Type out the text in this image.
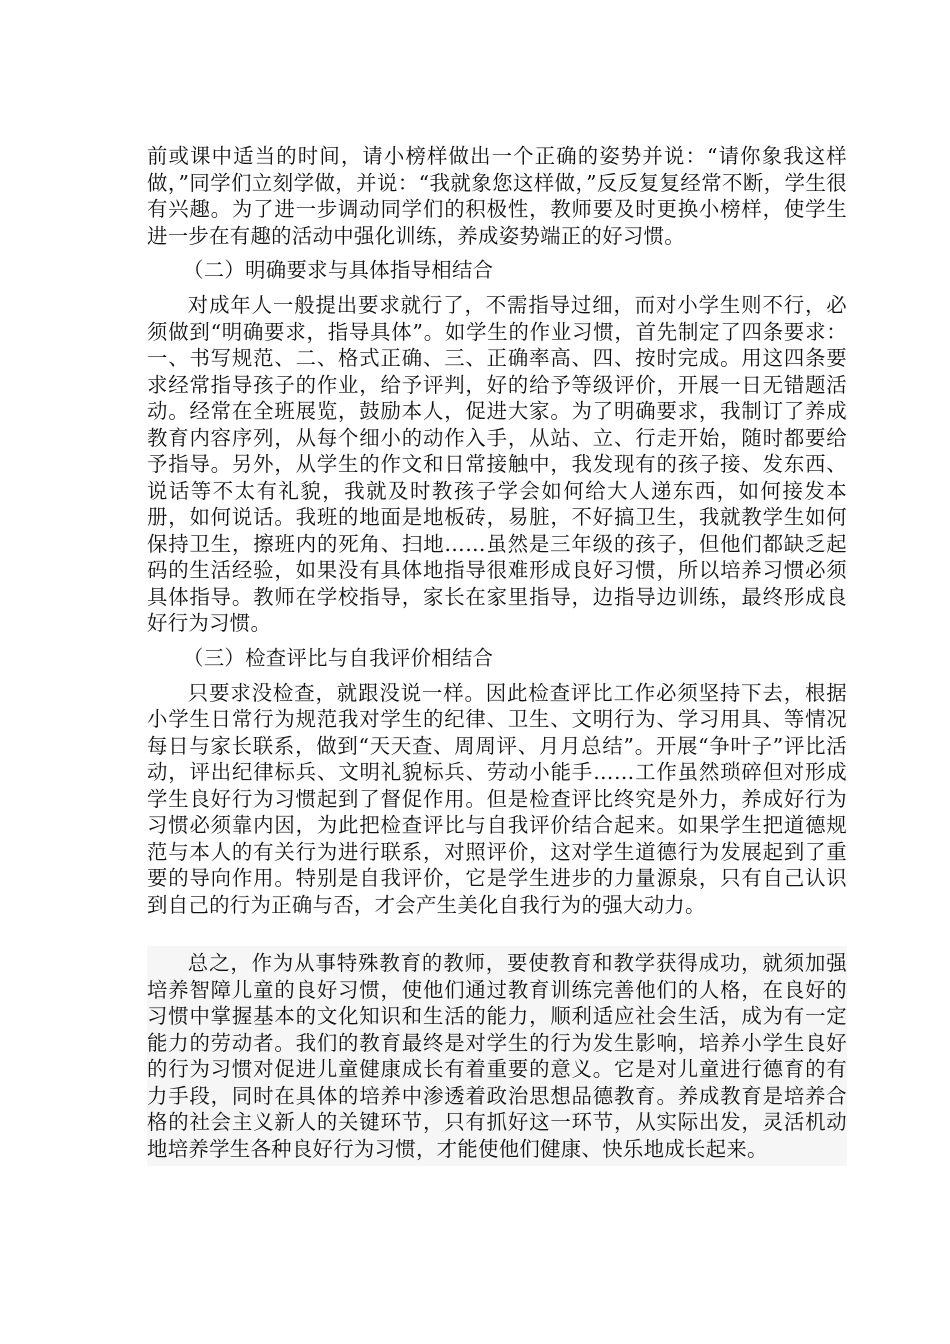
前或课中适当的时间，请小榜样做出一个正确的姿势并说：“请你象我这样做，”同学们立刻学做，并说：“我就象您这样做，”反反复复经常不断，学生很有兴趣。为了进一步调动同学们的积极性，教师要及时更换小榜样，使学生进一步在有趣的活动中强化训练，养成姿势端正的好习惯。

（二）明确要求与具体指导相结合

对成年人一般提出要求就行了，不需指导过细，而对小学生则不行，必须做到“明确要求，指导具体”。如学生的作业习惯，首先制定了四条要求：一、书写规范、二、格式正确、三、正确率高、四、按时完成。用这四条要求经常指导孩子的作业，给予评判，好的给予等级评价，开展一日无错题活动。经常在全班展览，鼓励本人，促进大家。为了明确要求，我制订了养成教育内容序列，从每个细小的动作入手，从站、立、行走开始，随时都要给予指导。另外，从学生的作文和日常接触中，我发现有的孩子接、发东西、说话等不太有礼貌，我就及时教孩子学会如何给大人递东西，如何接发本册，如何说话。我班的地面是地板砖，易脏，不好搞卫生，我就教学生如何保持卫生，擦班内的死角、扫地……虽然是三年级的孩子，但他们都缺乏起码的生活经验，如果没有具体地指导很难形成良好习惯，所以培养习惯必须具体指导。教师在学校指导，家长在家里指导，边指导边训练，最终形成良好行为习惯。

（三）检查评比与自我评价相结合

只要求没检查，就跟没说一样。因此检查评比工作必须坚持下去，根据小学生日常行为规范我对学生的纪律、卫生、文明行为、学习用具、等情况每日与家长联系，做到“天天查、周周评、月月总结”。开展“争叶子”评比活动，评出纪律标兵、文明礼貌标兵、劳动小能手……工作虽然琐碎但对形成学生良好行为习惯起到了督促作用。但是检查评比终究是外力，养成好行为习惯必须靠内因，为此把检查评比与自我评价结合起来。如果学生把道德规范与本人的有关行为进行联系，对照评价，这对学生道德行为发展起到了重要的导向作用。特别是自我评价，它是学生进步的力量源泉，只有自己认识到自己的行为正确与否，才会产生美化自我行为的强大动力。

总之，作为从事特殊教育的教师，要使教育和教学获得成功，就须加强培养智障儿童的良好习惯，使他们通过教育训练完善他们的人格，在良好的习惯中掌握基本的文化知识和生活的能力，顺利适应社会生活，成为有一定能力的劳动者。我们的教育最终是对学生的行为发生影响，培养小学生良好的行为习惯对促进儿童健康成长有着重要的意义。它是对儿童进行德育的有力手段，同时在具体的培养中渗透着政治思想品德教育。养成教育是培养合格的社会主义新人的关键环节，只有抓好这一环节，从实际出发，灵活机动地培养学生各种良好行为习惯，才能使他们健康、快乐地成长起来。
